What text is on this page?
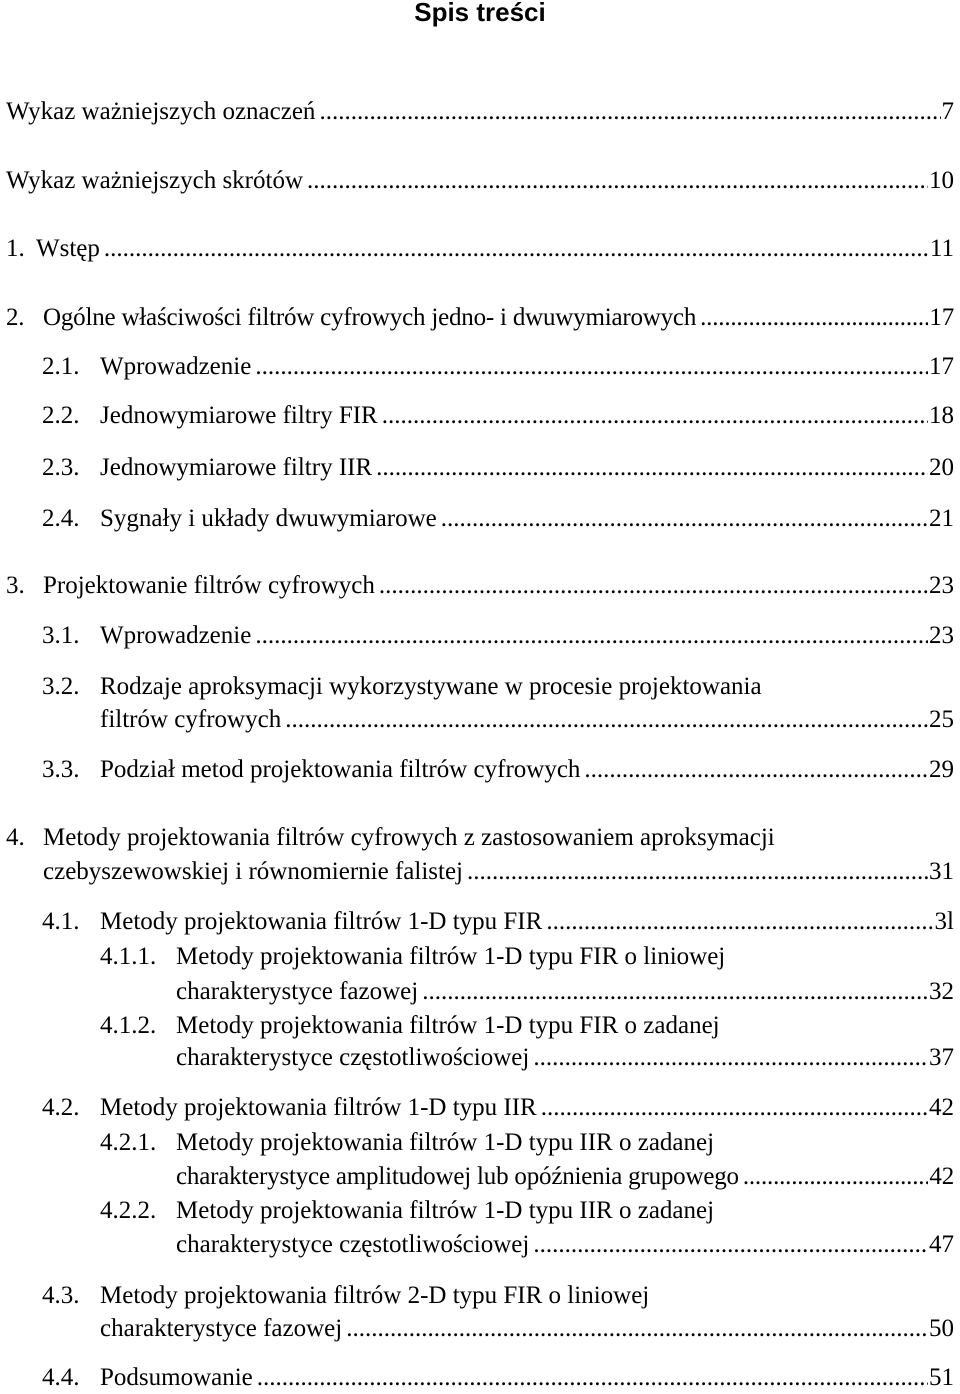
Spis treści
Wykaz ważniejszych oznaczeń .....	7
Wykaz ważniejszych skrótów .....	10
1. Wstęp .....	11
2. Ogólne właściwości filtrów cyfrowych jedno- i dwuwymiarowych .....	17
2.1. Wprowadzenie .....	17
2.2. Jednowymiarowe filtry FIR .....	18
2.3. Jednowymiarowe filtry IIR .....	20
2.4. Sygnały i układy dwuwymiarowe .....	21
3. Projektowanie filtrów cyfrowych .....	23
3.1. Wprowadzenie .....	23
3.2. Rodzaje aproksymacji wykorzystywane w procesie projektowania
filtrów cyfrowych .....	25
3.3. Podział metod projektowania filtrów cyfrowych .....	29
4. Metody projektowania filtrów cyfrowych z zastosowaniem aproksymacji
czebyszewowskiej i równomiernie falistej .....	31
4.1. Metody projektowania filtrów 1-D typu FIR .....	3l
4.1.1. Metody projektowania filtrów 1-D typu FIR o liniowej
charakterystyce fazowej .....	32
4.1.2. Metody projektowania filtrów 1-D typu FIR o zadanej
charakterystyce częstotliwościowej .....	37
4.2. Metody projektowania filtrów 1-D typu IIR .....	42
4.2.1. Metody projektowania filtrów 1-D typu IIR o zadanej
charakterystyce amplitudowej lub opóźnienia grupowego .....	42
4.2.2. Metody projektowania filtrów 1-D typu IIR o zadanej
charakterystyce częstotliwościowej .....	47
4.3. Metody projektowania filtrów 2-D typu FIR o liniowej
charakterystyce fazowej .....	50
4.4. Podsumowanie .....	51
